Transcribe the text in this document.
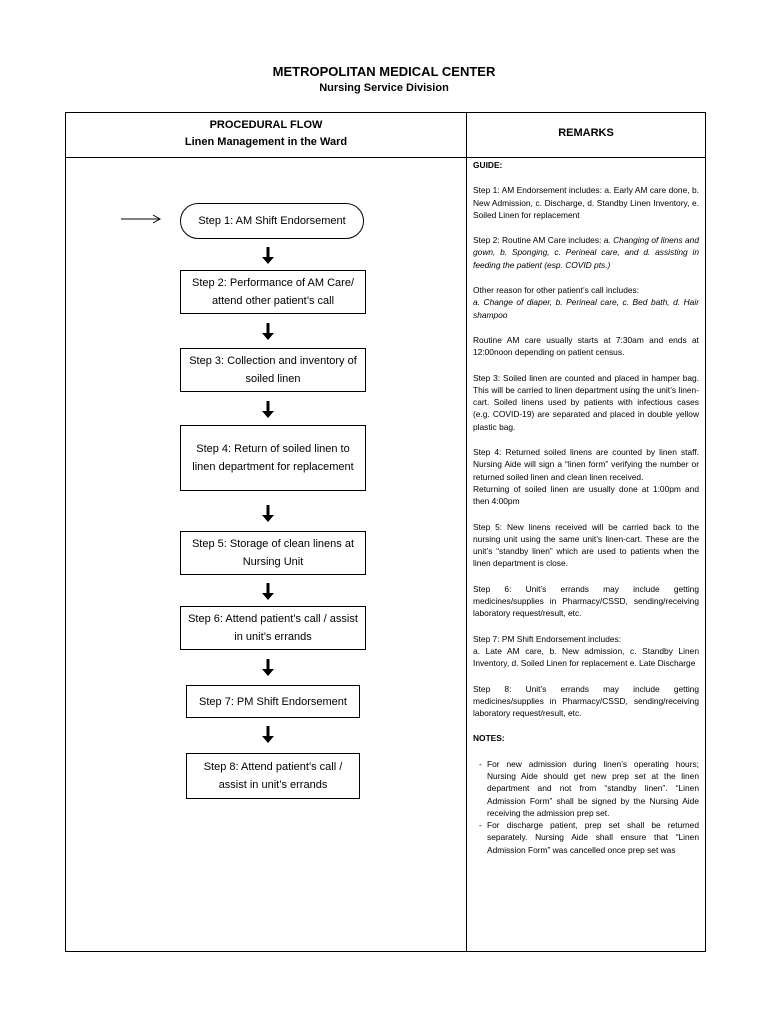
METROPOLITAN MEDICAL CENTER
Nursing Service Division
PROCEDURAL FLOW
Linen Management in the Ward
REMARKS
Step 1: AM Shift Endorsement
Step 2: Performance of AM Care/ attend other patient’s call
Step 3: Collection and inventory of soiled linen
Step 4: Return of soiled linen to linen department for replacement
Step 5: Storage of clean linens at Nursing Unit
Step 6: Attend patient’s call / assist in unit’s errands
Step 7: PM Shift Endorsement
Step 8: Attend patient’s call / assist in unit’s errands

GUIDE:

Step 1: AM Endorsement includes: a. Early AM care done, b. New Admission, c. Discharge, d. Standby Linen Inventory, e. Soiled Linen for replacement

Step 2: Routine AM Care includes: a. Changing of linens and gown, b. Sponging, c. Perineal care, and d. assisting in feeding the patient (esp. COVID pts.)

Other reason for other patient’s call includes:

a. Change of diaper, b. Perineal care, c. Bed bath, d. Hair shampoo

Routine AM care usually starts at 7:30am and ends at 12:00noon depending on patient census.

Step 3: Soiled linen are counted and placed in hamper bag. This will be carried to linen department using the unit’s linen-cart. Soiled linens used by patients with infectious cases (e.g. COVID-19) are separated and placed in double yellow plastic bag.

Step 4: Returned soiled linens are counted by linen staff. Nursing Aide will sign a “linen form” verifying the number or returned soiled linen and clean linen received.

Returning of soiled linen are usually done at 1:00pm and then 4:00pm

Step 5: New linens received will be carried back to the nursing unit using the same unit’s linen-cart. These are the unit’s “standby linen” which are used to patients when the linen department is close.

Step 6: Unit’s errands may include getting medicines/supplies in Pharmacy/CSSD, sending/receiving laboratory request/result, etc.

Step 7: PM Shift Endorsement includes:

a. Late AM care, b. New admission, c. Standby Linen Inventory, d. Soiled Linen for replacement e. Late Discharge

Step 8: Unit’s errands may include getting medicines/supplies in Pharmacy/CSSD, sending/receiving laboratory request/result, etc.

NOTES:

- For new admission during linen’s operating hours; Nursing Aide should get new prep set at the linen department and not from “standby linen”. “Linen Admission Form” shall be signed by the Nursing Aide receiving the admission prep set.
- For discharge patient, prep set shall be returned separately. Nursing Aide shall ensure that “Linen Admission Form” was cancelled once prep set was
